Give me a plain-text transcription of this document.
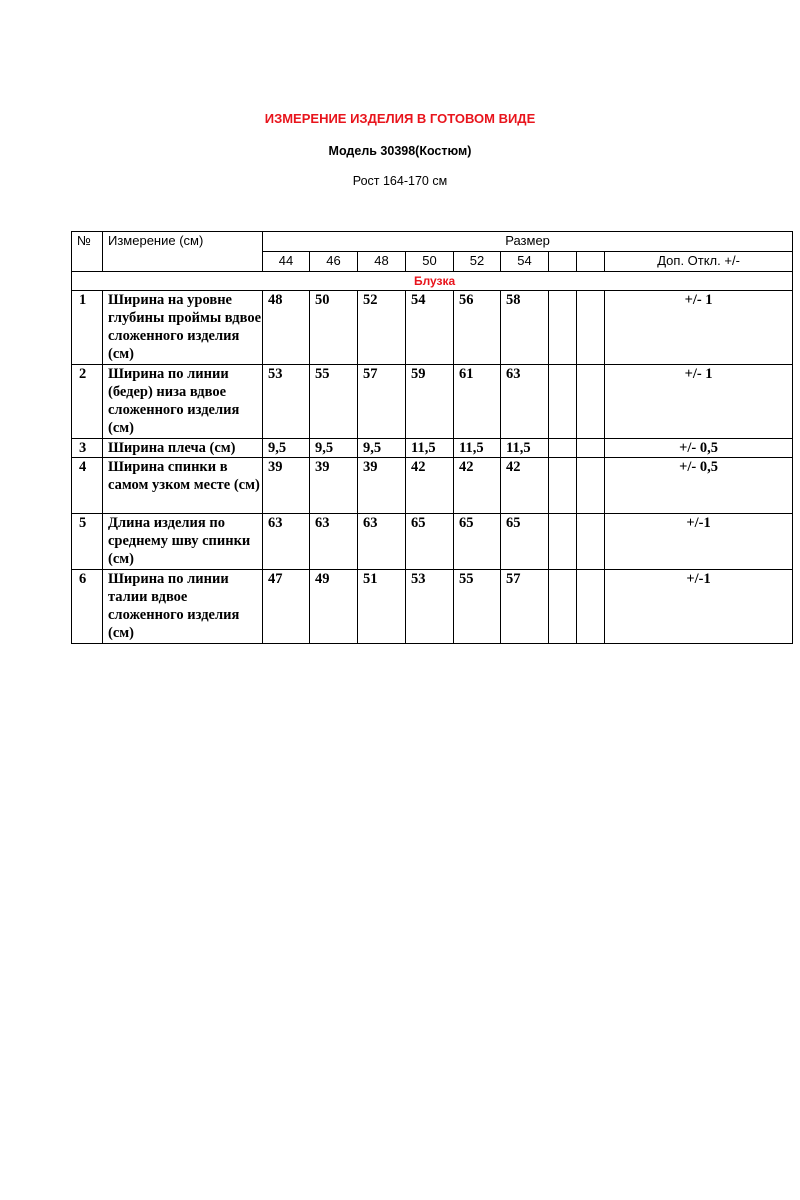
ИЗМЕРЕНИЕ ИЗДЕЛИЯ В ГОТОВОМ ВИДЕ
Модель 30398(Костюм)
Рост 164-170 см
№	Измерение (см)	Размер								
		44	46	48	50	52	54			Доп. Откл. +/-
Блузка										
1	Ширина на уровне глубины проймы вдвое сложенного изделия (см)	48	50	52	54	56	58			+/- 1
2	Ширина по линии (бедер) низа вдвое сложенного изделия (см)	53	55	57	59	61	63			+/- 1
3	Ширина плеча (см)	9,5	9,5	9,5	11,5	11,5	11,5			+/- 0,5
4	Ширина спинки в самом узком месте (см)	39	39	39	42	42	42			+/- 0,5
5	Длина изделия по среднему шву спинки (см)	63	63	63	65	65	65			+/-1
6	Ширина по линии талии вдвое сложенного изделия (см)	47	49	51	53	55	57			+/-1
